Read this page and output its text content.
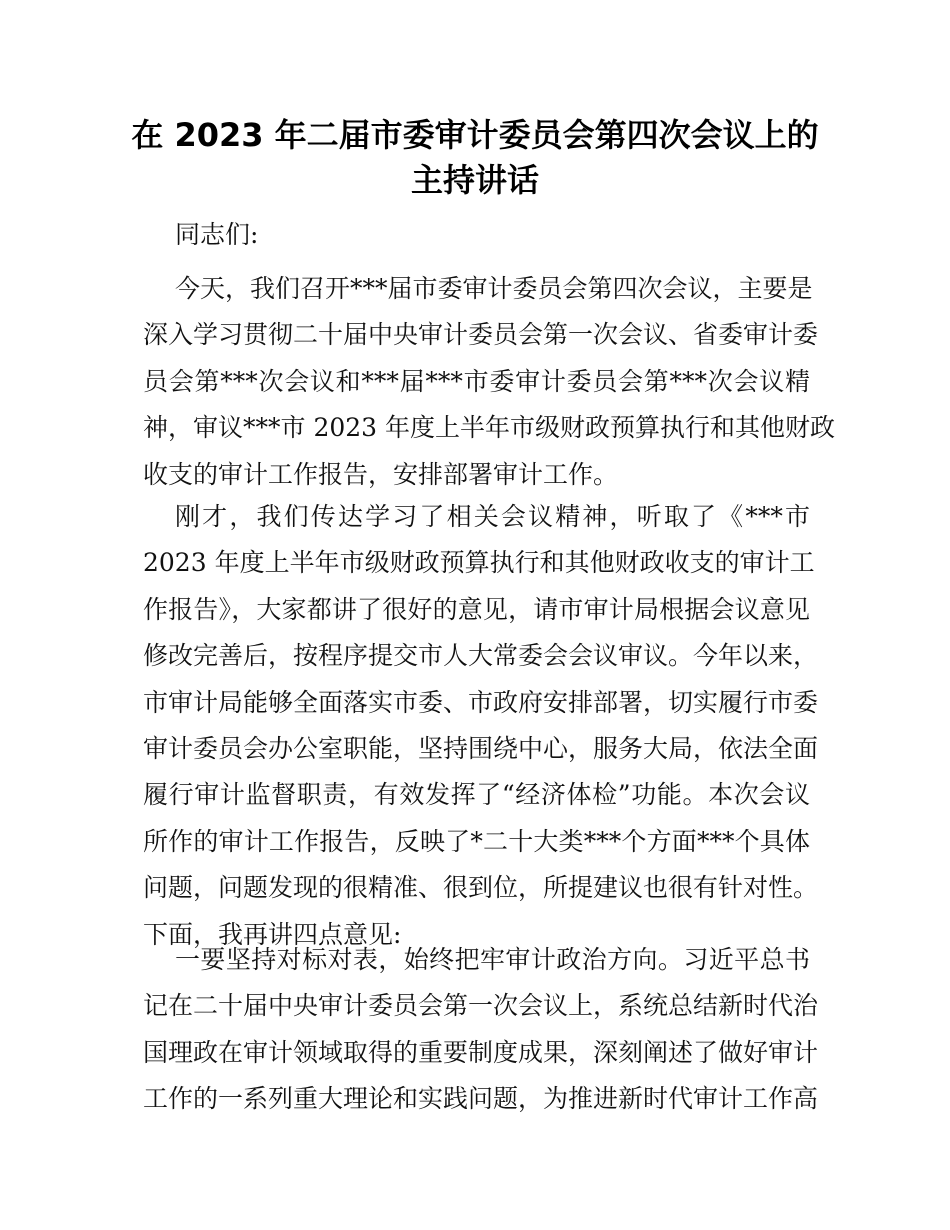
在 2023 年二届市委审计委员会第四次会议上的
主持讲话
同志们:
今天，我们召开***届市委审计委员会第四次会议，主要是
深入学习贯彻二十届中央审计委员会第一次会议、省委审计委
员会第***次会议和***届***市委审计委员会第***次会议精
神，审议***市 2023 年度上半年市级财政预算执行和其他财政
收支的审计工作报告，安排部署审计工作。
刚才，我们传达学习了相关会议精神，听取了《***市
2023 年度上半年市级财政预算执行和其他财政收支的审计工
作报告》，大家都讲了很好的意见，请市审计局根据会议意见
修改完善后，按程序提交市人大常委会会议审议。今年以来，
市审计局能够全面落实市委、市政府安排部署，切实履行市委
审计委员会办公室职能，坚持围绕中心，服务大局，依法全面
履行审计监督职责，有效发挥了“经济体检”功能。本次会议
所作的审计工作报告，反映了*二十大类***个方面***个具体
问题，问题发现的很精准、很到位，所提建议也很有针对性。
下面，我再讲四点意见:
一要坚持对标对表，始终把牢审计政治方向。习近平总书
记在二十届中央审计委员会第一次会议上，系统总结新时代治
国理政在审计领域取得的重要制度成果，深刻阐述了做好审计
工作的一系列重大理论和实践问题，为推进新时代审计工作高
